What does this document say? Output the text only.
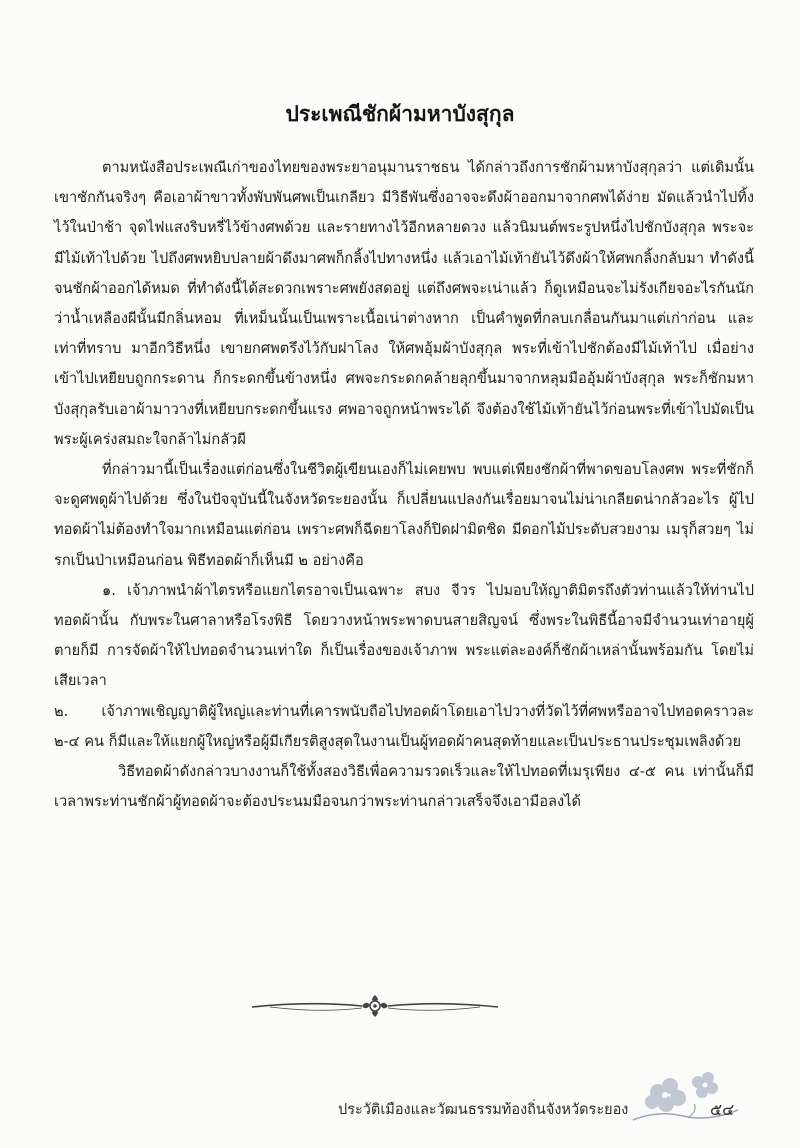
ประเพณีชักผ้ามหาบังสุกุล

ตามหนังสือประเพณีเก่าของไทยของพระยาอนุมานราชธน ได้กล่าวถึงการชักผ้ามหาบังสุกุลว่า แต่เดิมนั้นเขาชักกันจริงๆ คือเอาผ้าขาวทั้งพับพันศพเป็นเกลียว มีวิธีพันซึ่งอาจจะดึงผ้าออกมาจากศพได้ง่าย มัดแล้วนำไปทิ้งไว้ในป่าช้า จุดไฟแสงริบหรี่ไว้ข้างศพด้วย และรายทางไว้อีกหลายดวง แล้วนิมนต์พระรูปหนึ่งไปชักบังสุกุล พระจะมีไม้เท้าไปด้วย ไปถึงศพหยิบปลายผ้าดึงมาศพก็กลิ้งไปทางหนึ่ง แล้วเอาไม้เท้ายันไว้ดึงผ้าให้ศพกลิ้งกลับมา ทำดังนี้จนชักผ้าออกได้หมด ที่ทำดังนี้ได้สะดวกเพราะศพยังสดอยู่ แต่ถึงศพจะเน่าแล้ว ก็ดูเหมือนจะไม่รังเกียจอะไรกันนักว่าน้ำเหลืองผีนั้นมีกลิ่นหอม ที่เหม็นนั้นเป็นเพราะเนื้อเน่าต่างหาก เป็นคำพูดที่กลบเกลื่อนกันมาแต่เก่าก่อน และเท่าที่ทราบ มาอีกวิธีหนึ่ง เขายกศพตรึงไว้กับฝาโลง ให้ศพอุ้มผ้าบังสุกุล พระที่เข้าไปชักต้องมีไม้เท้าไป เมื่อย่างเข้าไปเหยียบถูกกระดาน ก็กระดกขึ้นข้างหนึ่ง ศพจะกระดกคล้ายลุกขึ้นมาจากหลุมมืออุ้มผ้าบังสุกุล พระก็ชักมหาบังสุกุลรับเอาผ้ามาวางที่เหยียบกระดกขึ้นแรง ศพอาจถูกหน้าพระได้ จึงต้องใช้ไม้เท้ายันไว้ก่อนพระที่เข้าไปมัดเป็นพระผู้เคร่งสมถะใจกล้าไม่กลัวผี

ที่กล่าวมานี้เป็นเรื่องแต่ก่อนซึ่งในชีวิตผู้เขียนเองก็ไม่เคยพบ พบแต่เพียงชักผ้าที่พาดขอบโลงศพ พระที่ชักก็จะดูศพดูผ้าไปด้วย ซึ่งในปัจจุบันนี้ในจังหวัดระยองนั้น ก็เปลี่ยนแปลงกันเรื่อยมาจนไม่น่าเกลียดน่ากลัวอะไร ผู้ไปทอดผ้าไม่ต้องทำใจมากเหมือนแต่ก่อน เพราะศพก็ฉีดยาโลงก็ปิดฝามิดชิด มีดอกไม้ประดับสวยงาม เมรุก็สวยๆ ไม่รกเป็นป่าเหมือนก่อน พิธีทอดผ้าก็เห็นมี ๒ อย่างคือ

๑. เจ้าภาพนำผ้าไตรหรือแยกไตรอาจเป็นเฉพาะ สบง จีวร ไปมอบให้ญาติมิตรถึงตัวท่านแล้วให้ท่านไปทอดผ้านั้น กับพระในศาลาหรือโรงพิธี โดยวางหน้าพระพาดบนสายสิญจน์ ซึ่งพระในพิธีนี้อาจมีจำนวนเท่าอายุผู้ตายก็มี การจัดผ้าให้ไปทอดจำนวนเท่าใด ก็เป็นเรื่องของเจ้าภาพ พระแต่ละองค์ก็ชักผ้าเหล่านั้นพร้อมกัน โดยไม่เสียเวลา

๒. เจ้าภาพเชิญญาติผู้ใหญ่และท่านที่เคารพนับถือไปทอดผ้าโดยเอาไปวางที่วัดไว้ที่ศพหรืออาจไปทอดคราวละ ๒-๔ คน ก็มีและให้แยกผู้ใหญ่หรือผู้มีเกียรติสูงสุดในงานเป็นผู้ทอดผ้าคนสุดท้ายและเป็นประธานประชุมเพลิงด้วย

วิธีทอดผ้าดังกล่าวบางงานก็ใช้ทั้งสองวิธีเพื่อความรวดเร็วและให้ไปทอดที่เมรุเพียง ๔-๕ คน เท่านั้นก็มี เวลาพระท่านชักผ้าผู้ทอดผ้าจะต้องประนมมือจนกว่าพระท่านกล่าวเสร็จจึงเอามือลงได้

ประวัติเมืองและวัฒนธรรมท้องถิ่นจังหวัดระยอง	๕๔
